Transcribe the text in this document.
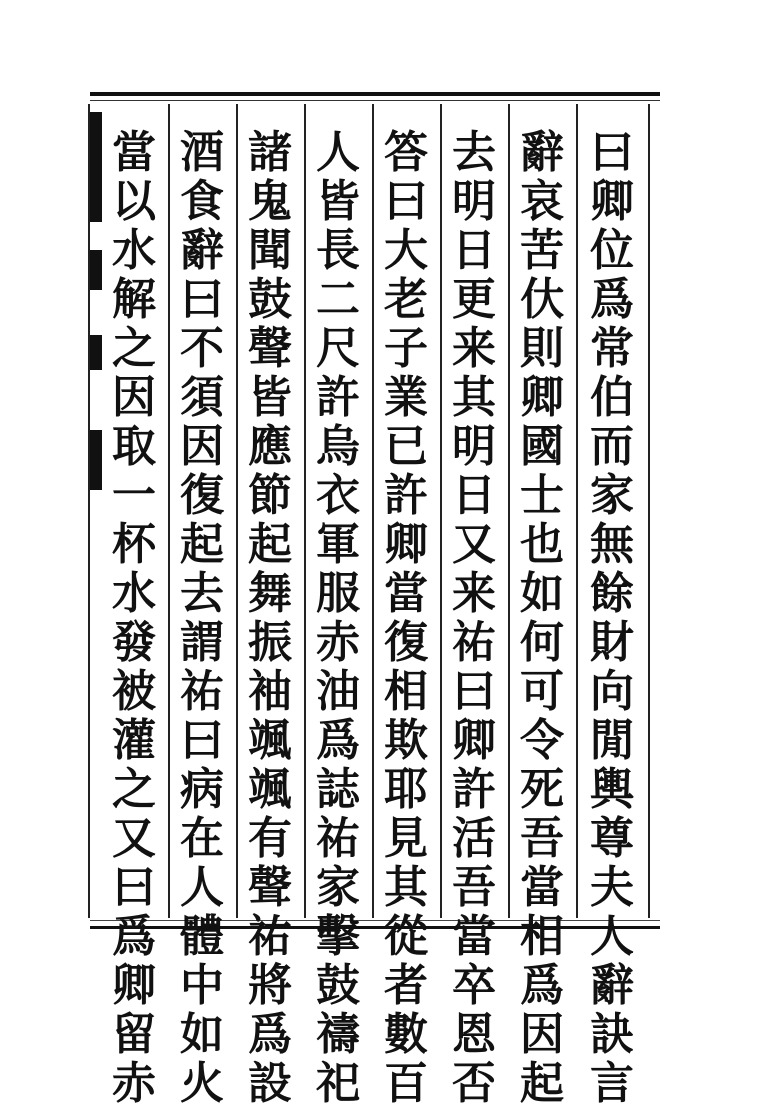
曰
卿
位
爲
常
伯
而
家
無
餘
財
向
閒
輿
尊
夫
人
辭
訣
言
辭
哀
苦
㐲
則
卿
國
士
也
如
何
可
令
死
吾
當
相
爲
因
起
去
明
日
更
来
其
明
日
又
来
祐
曰
卿
許
活
吾
當
卒
恩
否
答
曰
大
老
子
業
已
許
卿
當
復
相
欺
耶
見
其
從
者
數
百
人
皆
長
二
尺
許
烏
衣
軍
服
赤
油
爲
誌
祐
家
擊
鼓
禱
祀
諸
鬼
聞
鼓
聲
皆
應
節
起
舞
振
袖
颯
颯
有
聲
祐
將
爲
設
酒
食
辭
曰
不
須
因
復
起
去
謂
祐
曰
病
在
人
體
中
如
火
當
以
水
解
之
因
取
一
杯
水
發
被
灌
之
又
曰
爲
卿
留
赤
